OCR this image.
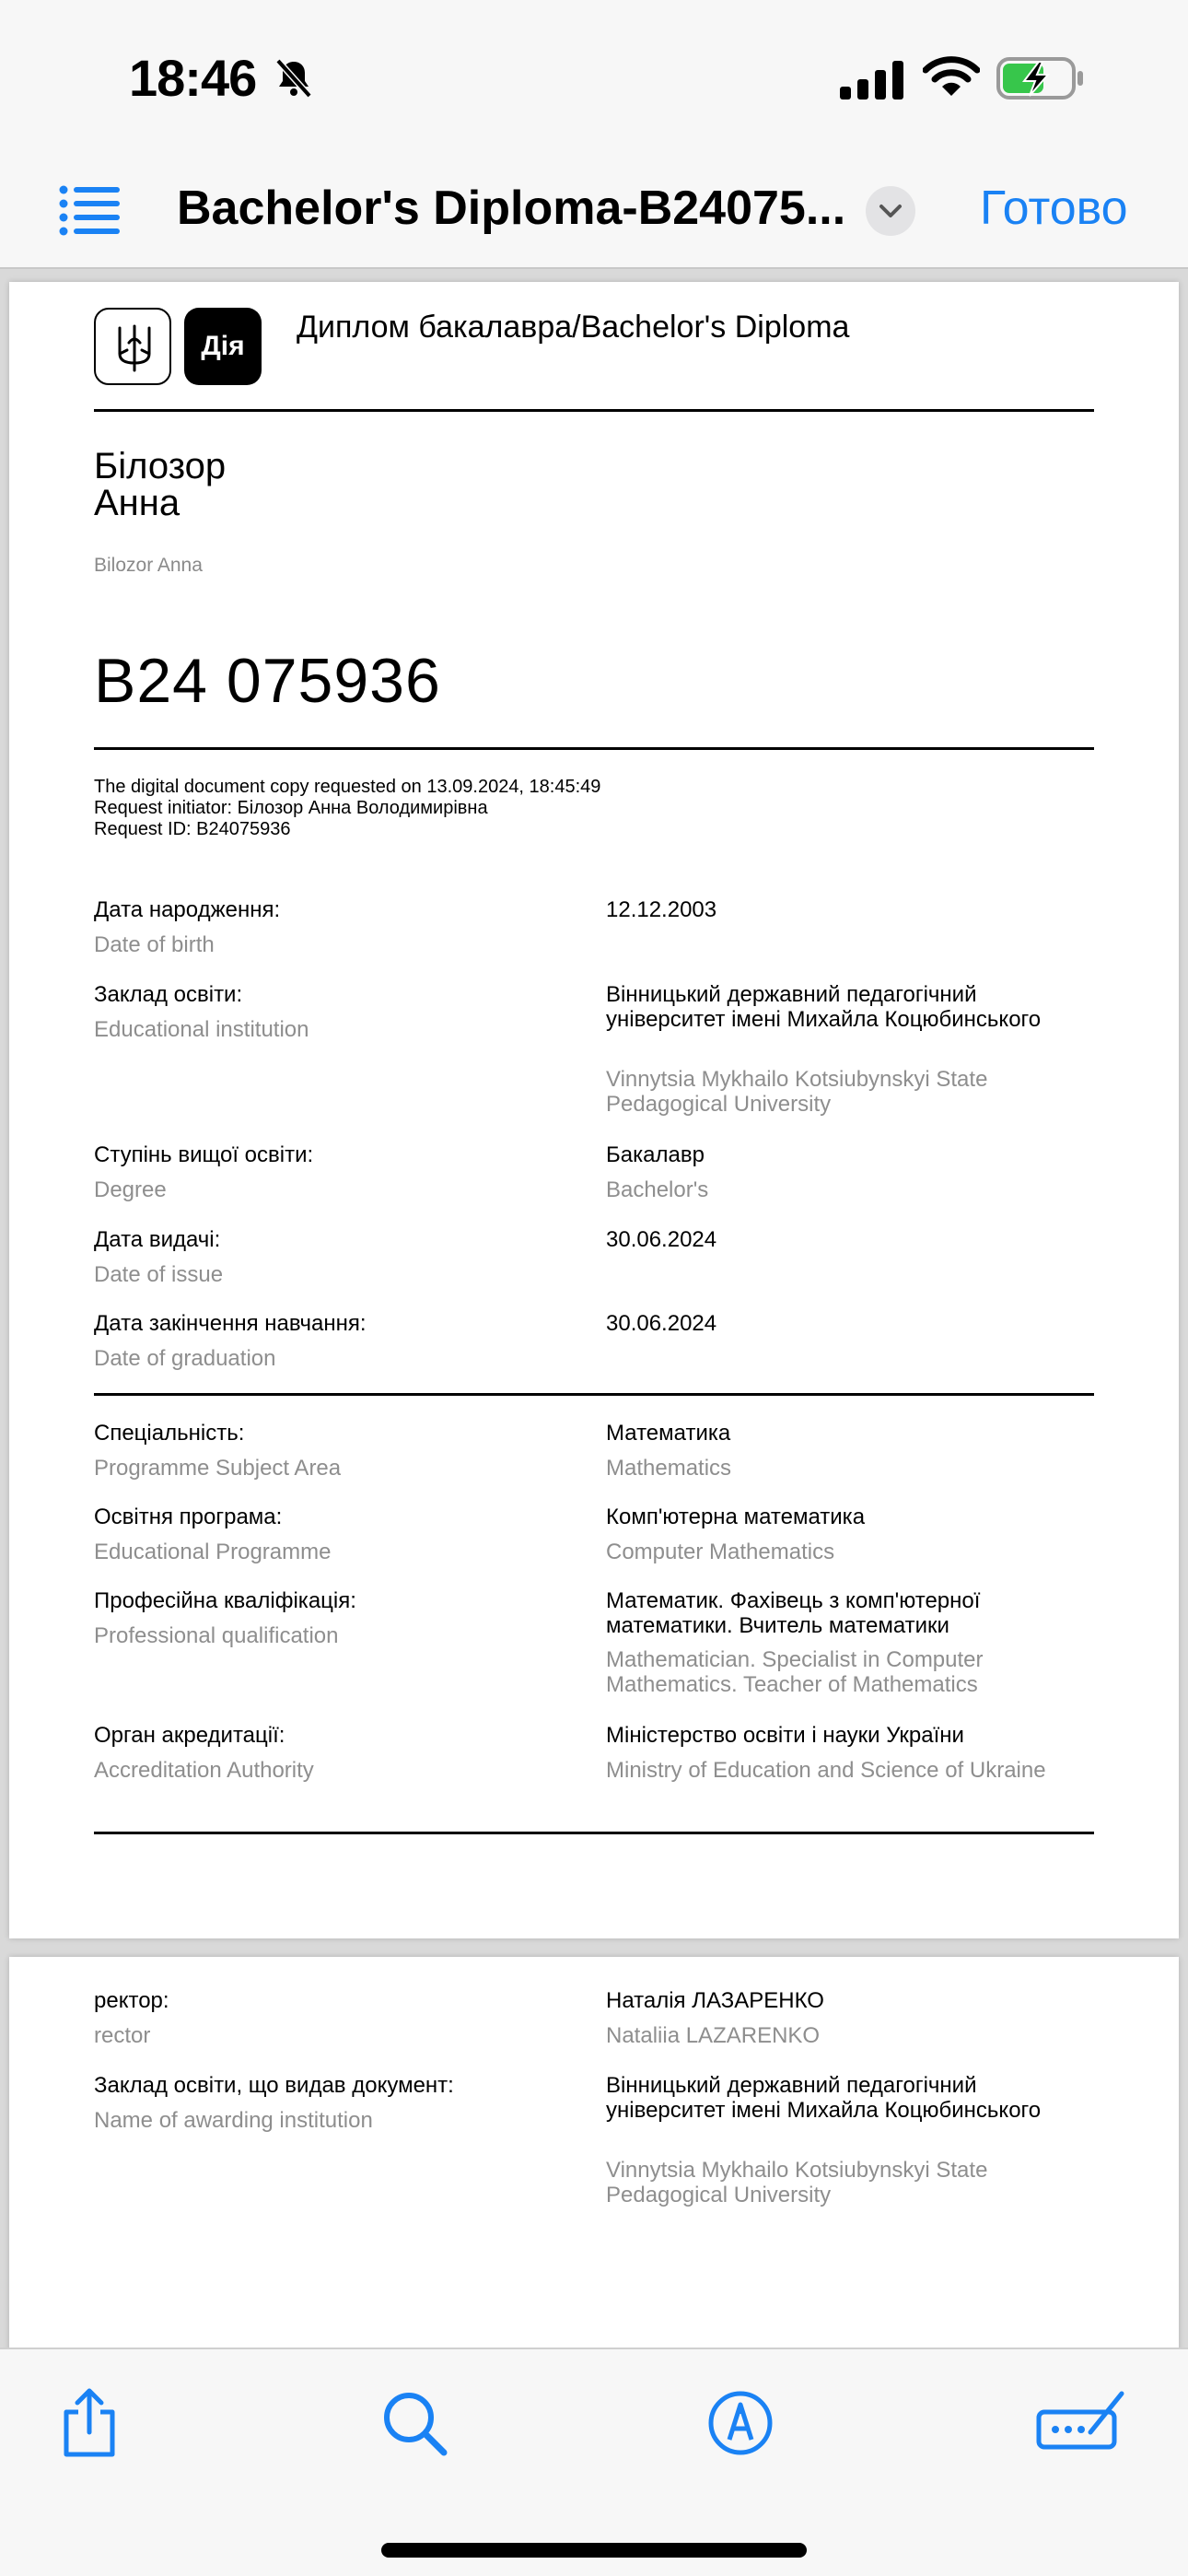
18:46
Bachelor's Diploma-B24075...	Готово
Дія
Диплом бакалавра/Bachelor's Diploma
Білозор
Анна
Bilozor Anna
B24 075936
The digital document copy requested on 13.09.2024, 18:45:49
Request initiator: Білозор Анна Володимирівна
Request ID: B24075936
Дата народження:
Date of birth
12.12.2003
Заклад освіти:
Educational institution
Вінницький державний педагогічний університет імені Михайла Коцюбинського
Vinnytsia Mykhailo Kotsiubynskyi State Pedagogical University
Ступінь вищої освіти:
Degree
Бакалавр
Bachelor's
Дата видачі:
Date of issue
30.06.2024
Дата закінчення навчання:
Date of graduation
30.06.2024
Спеціальність:
Programme Subject Area
Математика
Mathematics
Освітня програма:
Educational Programme
Комп'ютерна математика
Computer Mathematics
Професійна кваліфікація:
Professional qualification
Математик. Фахівець з комп'ютерної математики. Вчитель математики
Mathematician. Specialist in Computer Mathematics. Teacher of Mathematics
Орган акредитації:
Accreditation Authority
Міністерство освіти і науки України
Ministry of Education and Science of Ukraine
ректор:
rector
Наталія ЛАЗАРЕНКО
Nataliia LAZARENKO
Заклад освіти, що видав документ:
Name of awarding institution
Вінницький державний педагогічний університет імені Михайла Коцюбинського
Vinnytsia Mykhailo Kotsiubynskyi State Pedagogical University
